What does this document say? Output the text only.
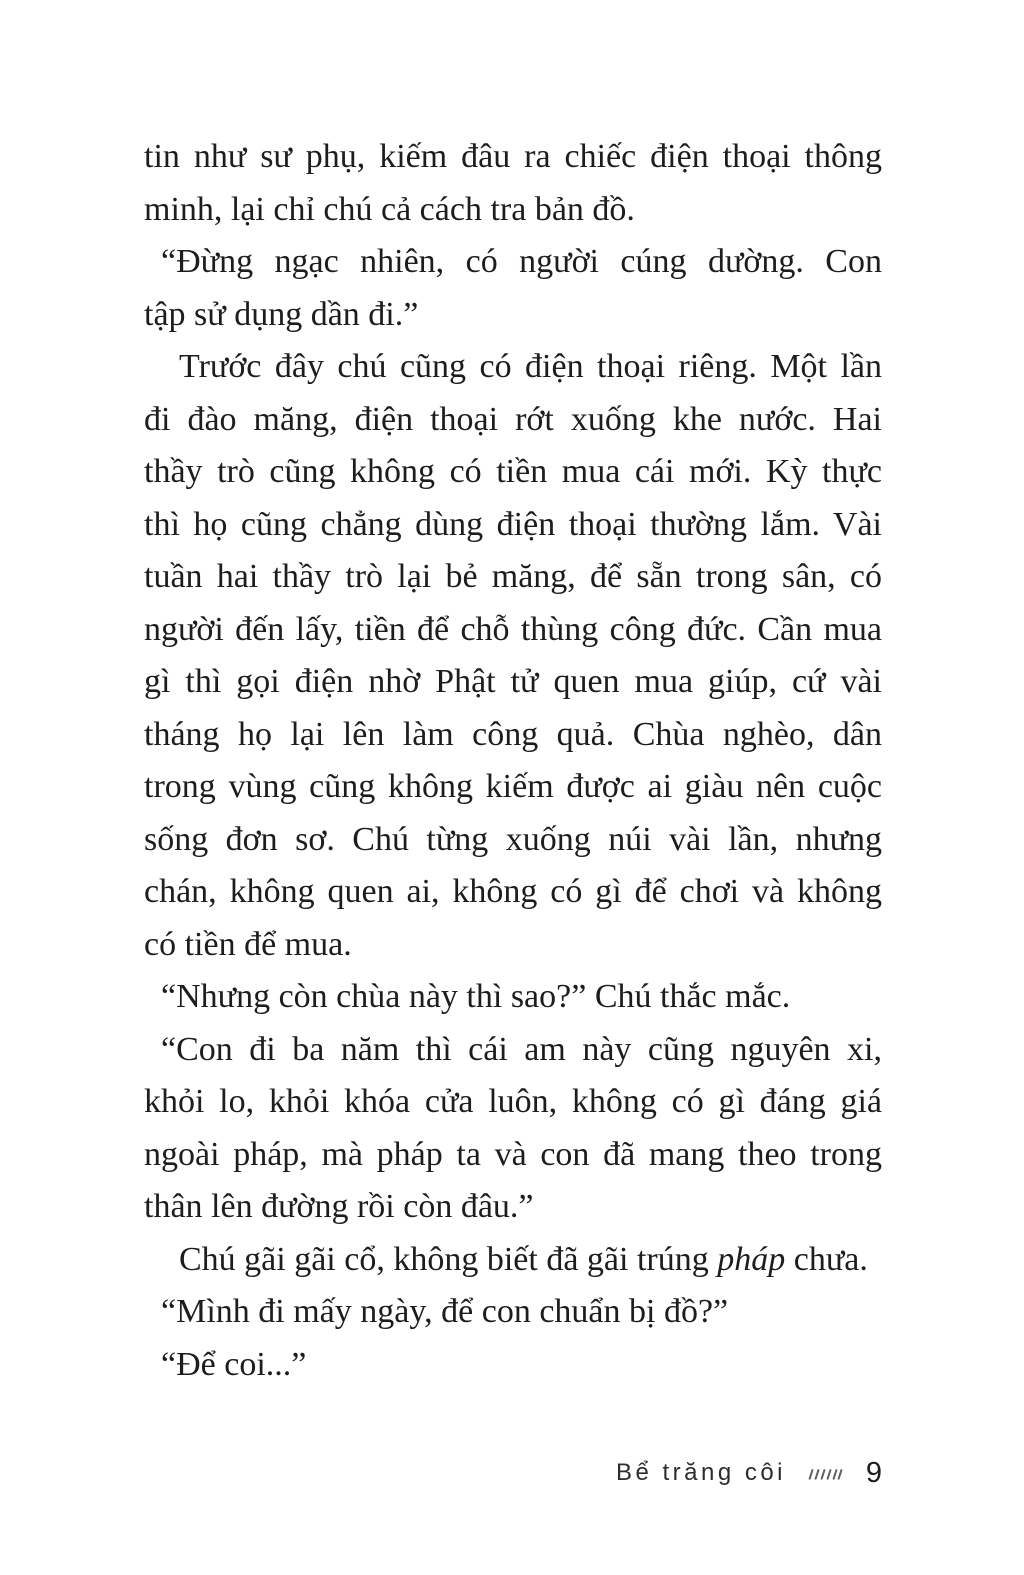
tin như sư phụ, kiếm đâu ra chiếc điện thoại thông
minh, lại chỉ chú cả cách tra bản đồ.
“Đừng ngạc nhiên, có người cúng dường. Con
tập sử dụng dần đi.”
Trước đây chú cũng có điện thoại riêng. Một lần
đi đào măng, điện thoại rớt xuống khe nước. Hai
thầy trò cũng không có tiền mua cái mới. Kỳ thực
thì họ cũng chẳng dùng điện thoại thường lắm. Vài
tuần hai thầy trò lại bẻ măng, để sẵn trong sân, có
người đến lấy, tiền để chỗ thùng công đức. Cần mua
gì thì gọi điện nhờ Phật tử quen mua giúp, cứ vài
tháng họ lại lên làm công quả. Chùa nghèo, dân
trong vùng cũng không kiếm được ai giàu nên cuộc
sống đơn sơ. Chú từng xuống núi vài lần, nhưng
chán, không quen ai, không có gì để chơi và không
có tiền để mua.
“Nhưng còn chùa này thì sao?” Chú thắc mắc.
“Con đi ba năm thì cái am này cũng nguyên xi,
khỏi lo, khỏi khóa cửa luôn, không có gì đáng giá
ngoài pháp, mà pháp ta và con đã mang theo trong
thân lên đường rồi còn đâu.”
Chú gãi gãi cổ, không biết đã gãi trúng pháp chưa.
“Mình đi mấy ngày, để con chuẩn bị đồ?”
“Để coi...”
Bể trăng côi	9
